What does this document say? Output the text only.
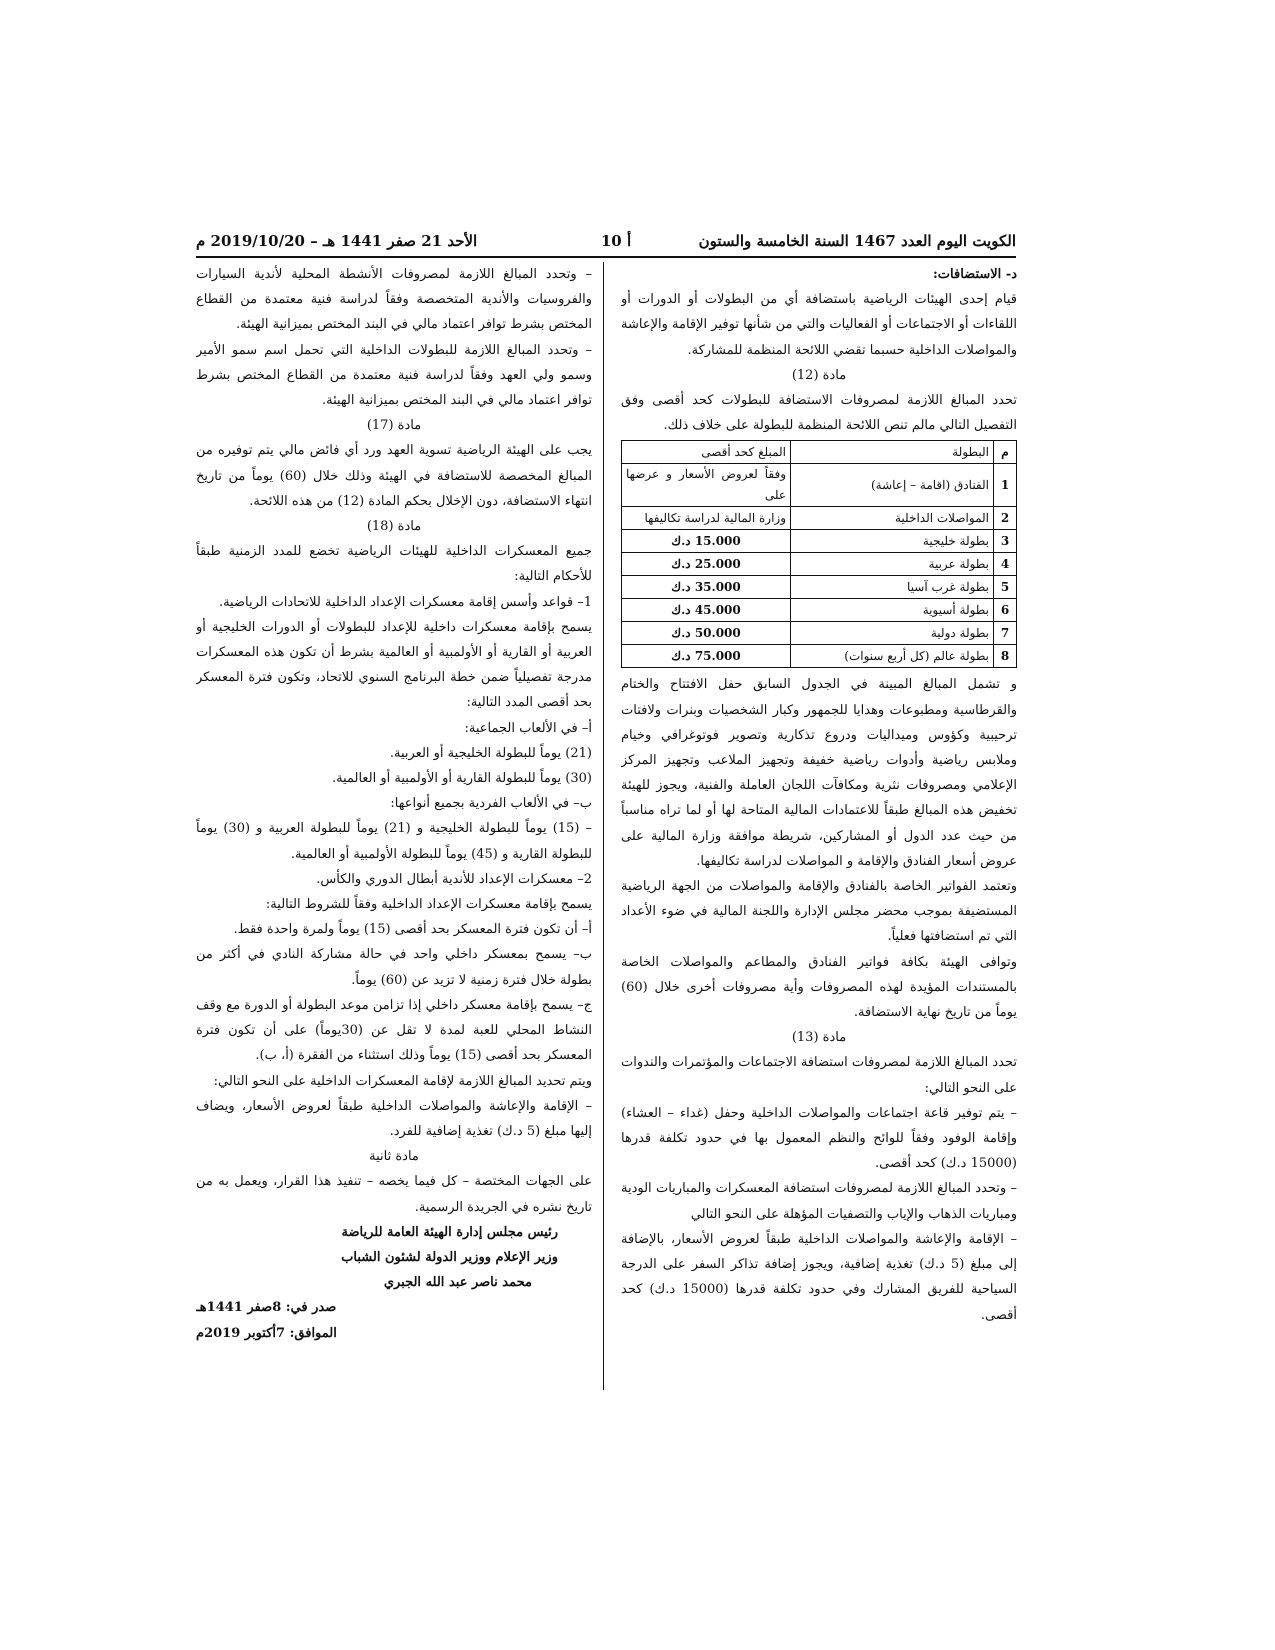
الكويت اليوم العدد 1467 السنة الخامسة والستون
أ 10
الأحد 21 صفر 1441 هـ – 2019/10/20 م

د- الاستضافات:

قيام إحدى الهيئات الرياضية باستضافة أي من البطولات أو الدورات أو اللقاءات أو الاجتماعات أو الفعاليات والتي من شأنها توفير الإقامة والإعاشة والمواصلات الداخلية حسبما تقضي اللائحة المنظمة للمشاركة.

مادة (12)

تحدد المبالغ اللازمة لمصروفات الاستضافة للبطولات كحد أقصى وفق التفصيل التالي مالم تنص اللائحة المنظمة للبطولة على خلاف ذلك.

م	البطولة	المبلغ كحد أقصى
1	الفنادق (اقامة – إعاشة)	وفقاً لعروض الأسعار و عرضها على
2	المواصلات الداخلية	وزارة المالية لدراسة تكاليفها
3	بطولة خليجية	15.000 د.ك
4	بطولة عربية	25.000 د.ك
5	بطولة غرب آسيا	35.000 د.ك
6	بطولة أسيوية	45.000 د.ك
7	بطولة دولية	50.000 د.ك
8	بطولة عالم (كل أربع سنوات)	75.000 د.ك

و تشمل المبالغ المبينة في الجدول السابق حفل الافتتاح والختام والقرطاسية ومطبوعات وهدايا للجمهور وكبار الشخصيات وبنرات ولافتات ترحيبية وكؤوس وميداليات ودروع تذكارية وتصوير فوتوغرافي وخيام وملابس رياضية وأدوات رياضية خفيفة وتجهيز الملاعب وتجهيز المركز الإعلامي ومصروفات نثرية ومكافآت اللجان العاملة والفنية، ويجوز للهيئة تخفيض هذه المبالغ طبقاً للاعتمادات المالية المتاحة لها أو لما تراه مناسباً من حيث عدد الدول أو المشاركين، شريطة موافقة وزارة المالية على عروض أسعار الفنادق والإقامة و المواصلات لدراسة تكاليفها.

وتعتمد الفواتير الخاصة بالفنادق والإقامة والمواصلات من الجهة الرياضية المستضيفة بموجب محضر مجلس الإدارة واللجنة المالية في ضوء الأعداد التي تم استضافتها فعلياً.

وتوافى الهيئة بكافة فواتير الفنادق والمطاعم والمواصلات الخاصة بالمستندات المؤيدة لهذه المصروفات وأية مصروفات أخرى خلال (60) يوماً من تاريخ نهاية الاستضافة.

مادة (13)

تحدد المبالغ اللازمة لمصروفات استضافة الاجتماعات والمؤتمرات والندوات على النحو التالي:

– يتم توفير قاعة اجتماعات والمواصلات الداخلية وحفل (غداء – العشاء) وإقامة الوفود وفقاً للوائح والنظم المعمول بها في حدود تكلفة قدرها (15000 د.ك) كحد أقصى.

– وتحدد المبالغ اللازمة لمصروفات استضافة المعسكرات والمباريات الودية ومباريات الذهاب والإياب والتصفيات المؤهلة على النحو التالي

– الإقامة والإعاشة والمواصلات الداخلية طبقاً لعروض الأسعار، بالإضافة إلى مبلغ (5 د.ك) تغذية إضافية، ويجوز إضافة تذاكر السفر على الدرجة السياحية للفريق المشارك وفي حدود تكلفة قدرها (15000 د.ك) كحد أقصى.

– وتحدد المبالغ اللازمة لمصروفات الأنشطة المحلية لأندية السيارات والفروسيات والأندية المتخصصة وفقاً لدراسة فنية معتمدة من القطاع المختص بشرط توافر اعتماد مالي في البند المختص بميزانية الهيئة.

– وتحدد المبالغ اللازمة للبطولات الداخلية التي تحمل اسم سمو الأمير وسمو ولي العهد وفقاً لدراسة فنية معتمدة من القطاع المختص بشرط توافر اعتماد مالي في البند المختص بميزانية الهيئة.

مادة (17)

يجب على الهيئة الرياضية تسوية العهد ورد أي فائض مالي يتم توفيره من المبالغ المخصصة للاستضافة في الهيئة وذلك خلال (60) يوماً من تاريخ انتهاء الاستضافة، دون الإخلال بحكم المادة (12) من هذه اللائحة.

مادة (18)

جميع المعسكرات الداخلية للهيئات الرياضية تخضع للمدد الزمنية طبقاً للأحكام التالية:

1– قواعد وأسس إقامة معسكرات الإعداد الداخلية للاتحادات الرياضية.

يسمح بإقامة معسكرات داخلية للإعداد للبطولات أو الدورات الخليجية أو العربية أو القارية أو الأولمبية أو العالمية بشرط أن تكون هذه المعسكرات مدرجة تفصيلياً ضمن خطة البرنامج السنوي للاتحاد، وتكون فترة المعسكر بحد أقصى المدد التالية:

أ– في الألعاب الجماعية:

(21) يوماً للبطولة الخليجية أو العربية.

(30) يوماً للبطولة القارية أو الأولمبية أو العالمية.

ب– في الألعاب الفردية بجميع أنواعها:

– (15) يوماً للبطولة الخليجية و (21) يوماً للبطولة العربية و (30) يوماً للبطولة القارية و (45) يوماً للبطولة الأولمبية أو العالمية.

2– معسكرات الإعداد للأندية أبطال الدوري والكأس.

يسمح بإقامة معسكرات الإعداد الداخلية وفقاً للشروط التالية:

أ– أن تكون فترة المعسكر بحد أقصى (15) يوماً ولمرة واحدة فقط.

ب– يسمح بمعسكر داخلي واحد في حالة مشاركة النادي في أكثر من بطولة خلال فترة زمنية لا تزيد عن (60) يوماً.

ج– يسمح بإقامة معسكر داخلي إذا تزامن موعد البطولة أو الدورة مع وقف النشاط المحلي للعبة لمدة لا تقل عن (30يوماً) على أن تكون فترة المعسكر بحد أقصى (15) يوماً وذلك استثناء من الفقرة (أ، ب).

ويتم تحديد المبالغ اللازمة لإقامة المعسكرات الداخلية على النحو التالي:

– الإقامة والإعاشة والمواصلات الداخلية طبقاً لعروض الأسعار، ويضاف إليها مبلغ (5 د.ك) تغذية إضافية للفرد.

مادة ثانية

على الجهات المختصة – كل فيما يخصه – تنفيذ هذا القرار، ويعمل به من تاريخ نشره في الجريدة الرسمية.

رئيس مجلس إدارة الهيئة العامة للرياضة

وزير الإعلام ووزير الدولة لشئون الشباب

محمد ناصر عبد الله الجبري

صدر في: 8صفر 1441هـ

الموافق: 7أكتوبر 2019م
